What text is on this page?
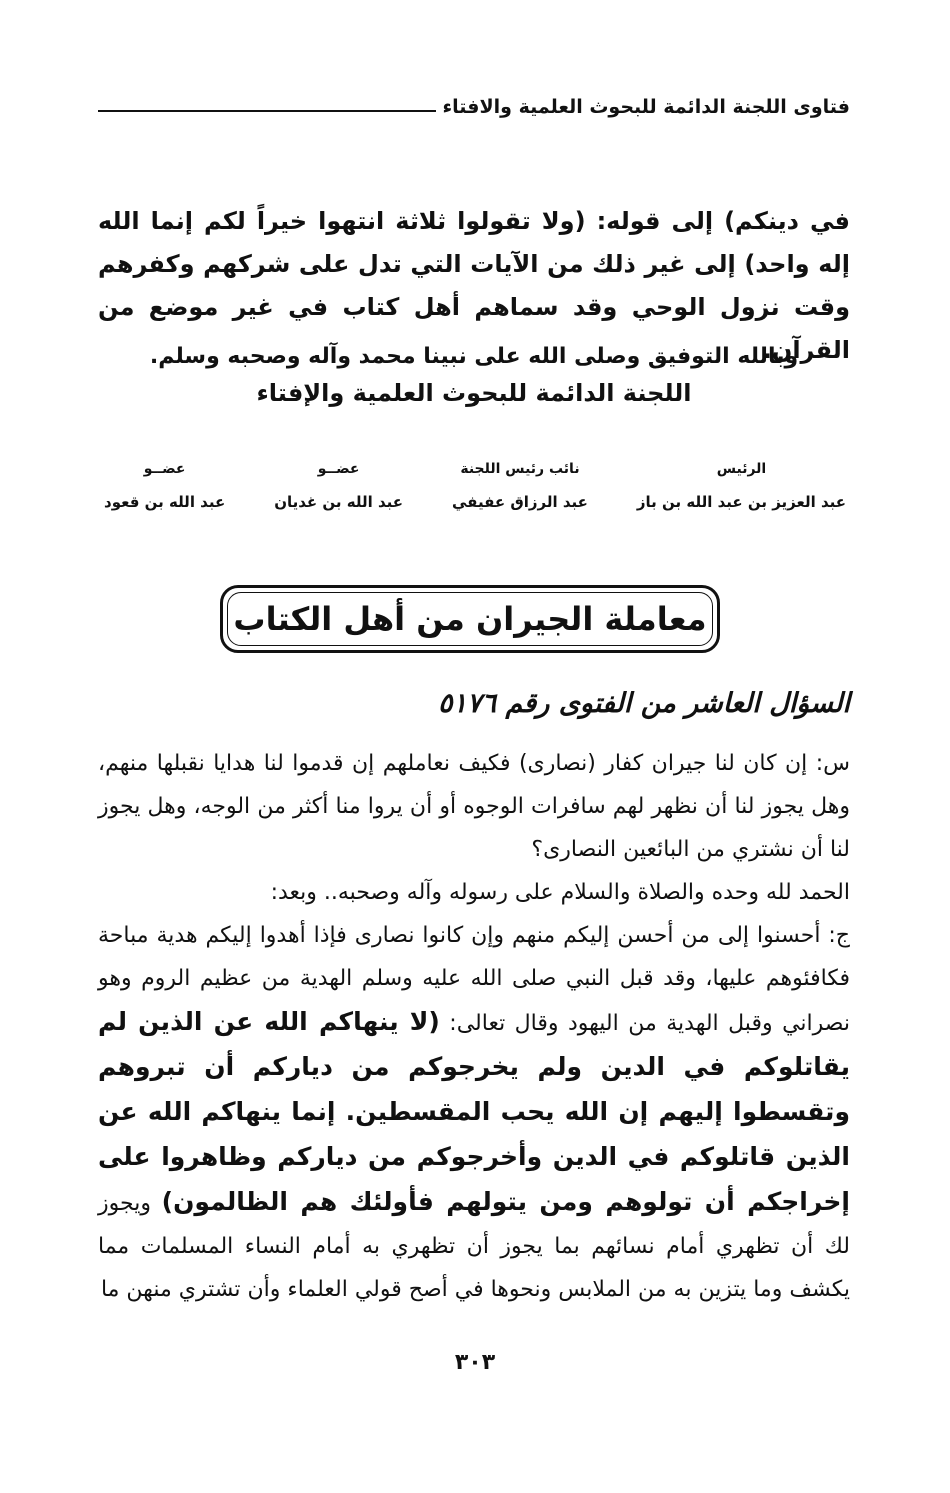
فتاوى اللجنة الدائمة للبحوث العلمية والافتاء
في دينكم) إلى قوله: (ولا تقولوا ثلاثة انتهوا خيراً لكم إنما الله إله واحد) إلى غير ذلك من الآيات التي تدل على شركهم وكفرهم وقت نزول الوحي وقد سماهم أهل كتاب في غير موضع من القرآن.
وبالله التوفيق وصلى الله على نبينا محمد وآله وصحبه وسلم.
اللجنة الدائمة للبحوث العلمية والإفتاء
الرئيس
عبد العزيز بن عبد الله بن باز
نائب رئيس اللجنة
عبد الرزاق عفيفي
عضــو
عبد الله بن غديان
عضــو
عبد الله بن قعود
معاملة الجيران من أهل الكتاب
السؤال العاشر من الفتوى رقم ٥١٧٦
س: إن كان لنا جيران كفار (نصارى) فكيف نعاملهم إن قدموا لنا هدايا نقبلها منهم، وهل يجوز لنا أن نظهر لهم سافرات الوجوه أو أن يروا منا أكثر من الوجه، وهل يجوز لنا أن نشتري من البائعين النصارى؟
الحمد لله وحده والصلاة والسلام على رسوله وآله وصحبه.. وبعد:
ج: أحسنوا إلى من أحسن إليكم منهم وإن كانوا نصارى فإذا أهدوا إليكم هدية مباحة فكافئوهم عليها، وقد قبل النبي صلى الله عليه وسلم الهدية من عظيم الروم وهو نصراني وقبل الهدية من اليهود وقال تعالى: (لا ينهاكم الله عن الذين لم يقاتلوكم في الدين ولم يخرجوكم من دياركم أن تبروهم وتقسطوا إليهم إن الله يحب المقسطين. إنما ينهاكم الله عن الذين قاتلوكم في الدين وأخرجوكم من دياركم وظاهروا على إخراجكم أن تولوهم ومن يتولهم فأولئك هم الظالمون) ويجوز لك أن تظهري أمام نسائهم بما يجوز أن تظهري به أمام النساء المسلمات مما يكشف وما يتزين به من الملابس ونحوها في أصح قولي العلماء وأن تشتري منهن ما
٣٠٣
